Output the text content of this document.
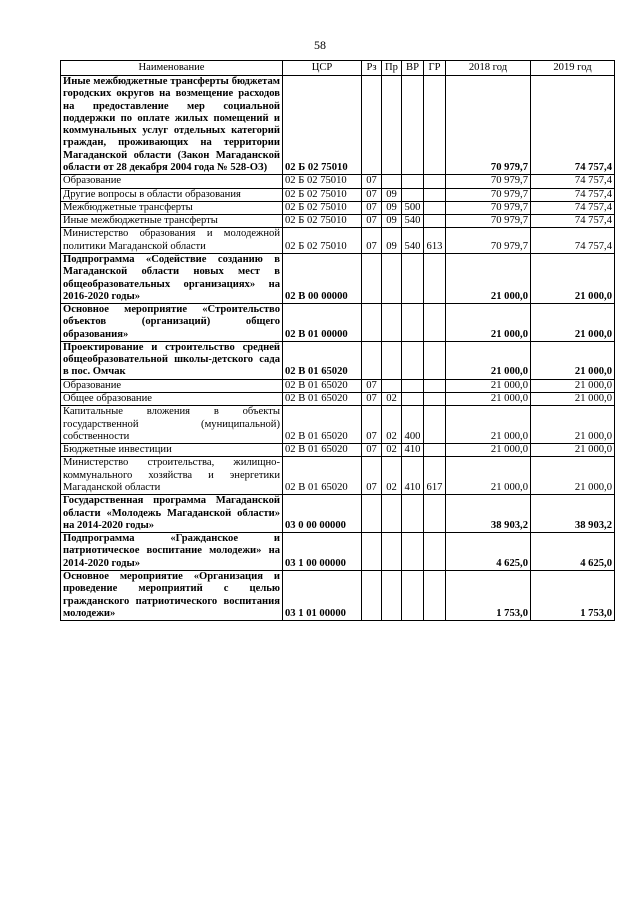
58
Наименование	ЦСР	Рз	Пр	ВР	ГР	2018 год	2019 год
Иные межбюджетные трансферты бюджетам городских округов на возмещение расходов на предоставление мер социальной поддержки по оплате жилых помещений и коммунальных услуг отдельных категорий граждан, проживающих на территории Магаданской области (Закон Магаданской области от 28 декабря 2004 года № 528-ОЗ)	02 Б 02 75010					70 979,7	74 757,4
Образование	02 Б 02 75010	07				70 979,7	74 757,4
Другие вопросы в области образования	02 Б 02 75010	07	09			70 979,7	74 757,4
Межбюджетные трансферты	02 Б 02 75010	07	09	500		70 979,7	74 757,4
Иные межбюджетные трансферты	02 Б 02 75010	07	09	540		70 979,7	74 757,4
Министерство образования и молодежной политики Магаданской области	02 Б 02 75010	07	09	540	613	70 979,7	74 757,4
Подпрограмма «Содействие созданию в Магаданской области новых мест в общеобразовательных организациях» на 2016-2020 годы»	02 В 00 00000					21 000,0	21 000,0
Основное мероприятие «Строительство объектов (организаций) общего образования»	02 В 01 00000					21 000,0	21 000,0
Проектирование и строительство средней общеобразовательной школы-детского сада в пос. Омчак	02 В 01 65020					21 000,0	21 000,0
Образование	02 В 01 65020	07				21 000,0	21 000,0
Общее образование	02 В 01 65020	07	02			21 000,0	21 000,0
Капитальные вложения в объекты государственной (муниципальной) собственности	02 В 01 65020	07	02	400		21 000,0	21 000,0
Бюджетные инвестиции	02 В 01 65020	07	02	410		21 000,0	21 000,0
Министерство строительства, жилищно-коммунального хозяйства и энергетики Магаданской области	02 В 01 65020	07	02	410	617	21 000,0	21 000,0
Государственная программа Магаданской области «Молодежь Магаданской области» на 2014-2020 годы»	03 0 00 00000					38 903,2	38 903,2
Подпрограмма «Гражданское и патриотическое воспитание молодежи» на 2014-2020 годы»	03 1 00 00000					4 625,0	4 625,0
Основное мероприятие «Организация и проведение мероприятий с целью гражданского патриотического воспитания молодежи»	03 1 01 00000					1 753,0	1 753,0
